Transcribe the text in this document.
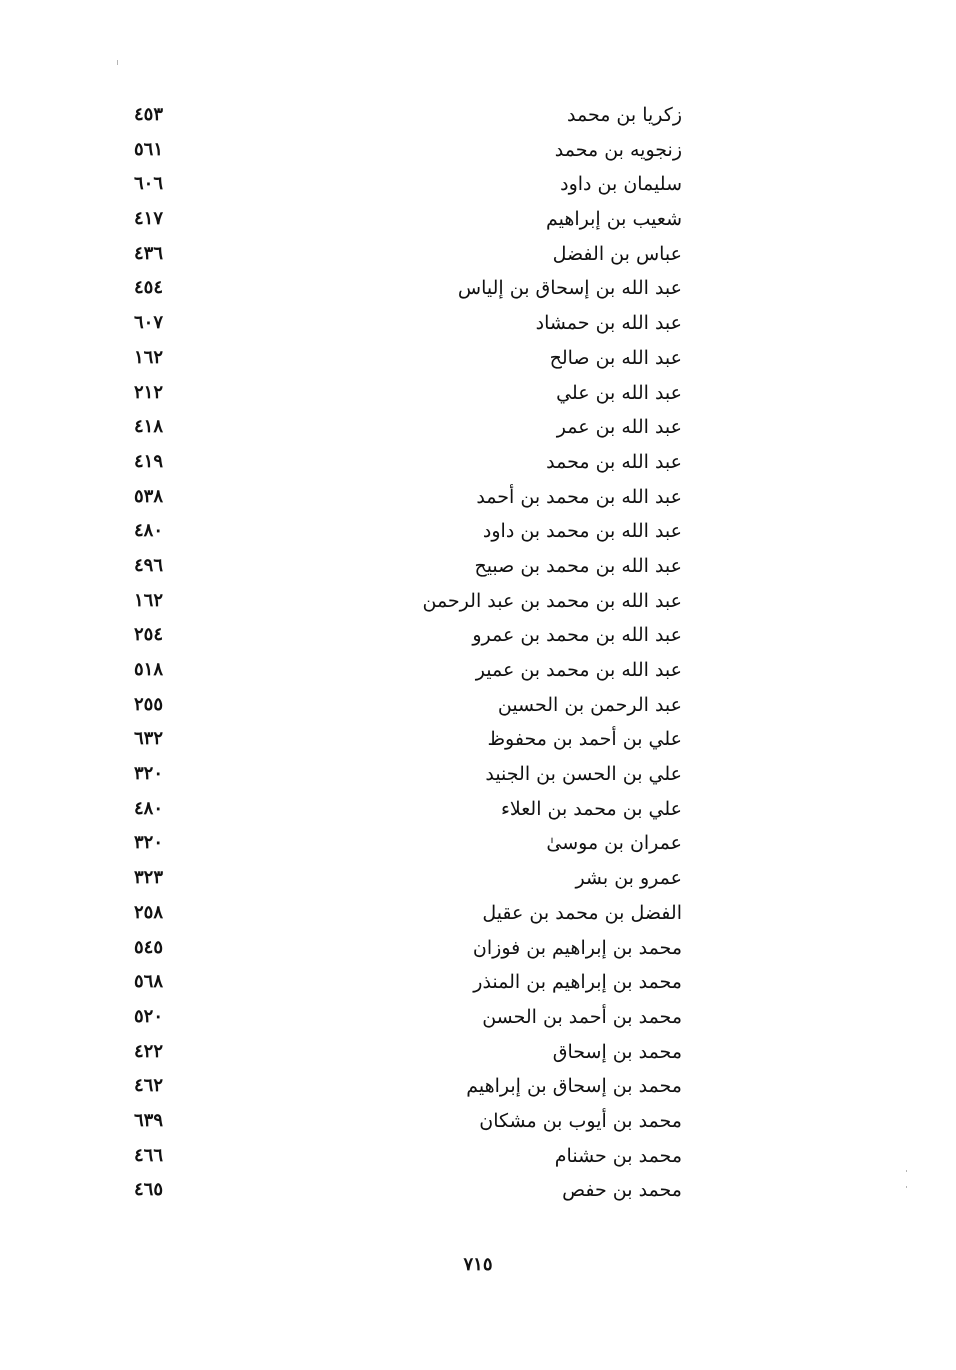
زكريا بن محمد
٤٥٣
زنجويه بن محمد
٥٦١
سليمان بن داود
٦٠٦
شعيب بن إبراهيم
٤١٧
عباس بن الفضل
٤٣٦
عبد الله بن إسحاق بن إلياس
٤٥٤
عبد الله بن حمشاد
٦٠٧
عبد الله بن صالح
١٦٢
عبد الله بن علي
٢١٢
عبد الله بن عمر
٤١٨
عبد الله بن محمد
٤١٩
عبد الله بن محمد بن أحمد
٥٣٨
عبد الله بن محمد بن داود
٤٨٠
عبد الله بن محمد بن صبيح
٤٩٦
عبد الله بن محمد بن عبد الرحمن
١٦٢
عبد الله بن محمد بن عمرو
٢٥٤
عبد الله بن محمد بن عمير
٥١٨
عبد الرحمن بن الحسين
٢٥٥
علي بن أحمد بن محفوظ
٦٣٢
علي بن الحسن بن الجنيد
٣٢٠
علي بن محمد بن العلاء
٤٨٠
عمران بن موسىٰ
٣٢٠
عمرو بن بشر
٣٢٣
الفضل بن محمد بن عقيل
٢٥٨
محمد بن إبراهيم بن فوزان
٥٤٥
محمد بن إبراهيم بن المنذر
٥٦٨
محمد بن أحمد بن الحسن
٥٢٠
محمد بن إسحاق
٤٢٢
محمد بن إسحاق بن إبراهيم
٤٦٢
محمد بن أيوب بن مشكان
٦٣٩
محمد بن حشنام
٤٦٦
محمد بن حفص
٤٦٥
٧١٥
